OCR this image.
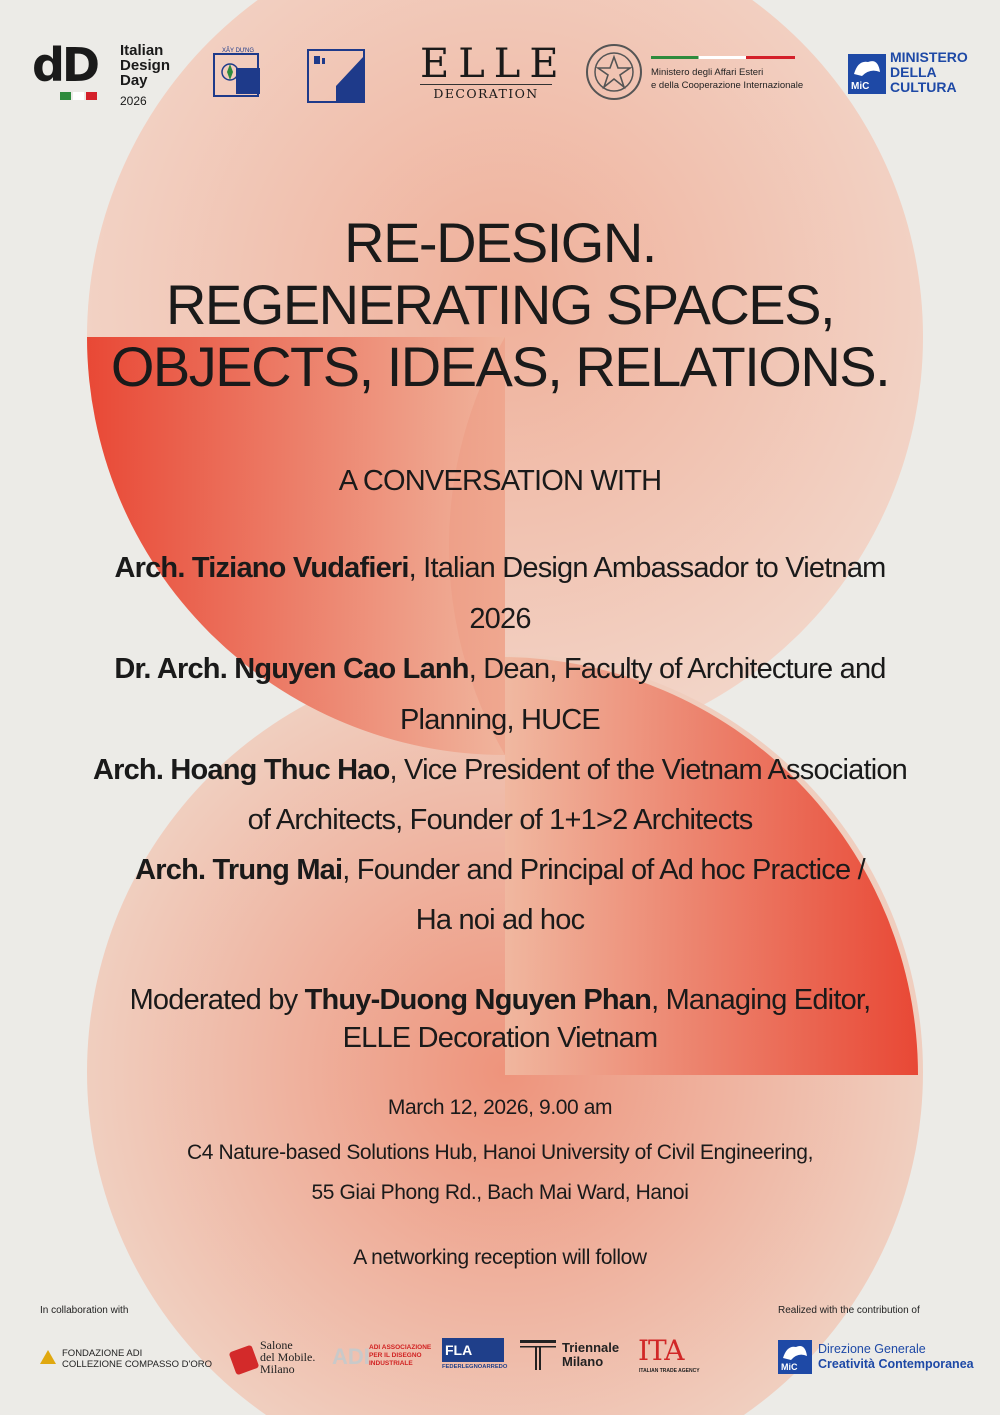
dD Italian
Design
Day
2026
XÂY DỰNG	ELLE
DECORATION
Ministero degli Affari Esteri
e della Cooperazione Internazionale	MiC
MINISTERO
DELLA
CULTURA
RE-DESIGN.
REGENERATING SPACES,
OBJECTS, IDEAS, RELATIONS.
A CONVERSATION WITH
Arch. Tiziano Vudafieri, Italian Design Ambassador to Vietnam
2026
Dr. Arch. Nguyen Cao Lanh, Dean, Faculty of Architecture and
Planning, HUCE
Arch. Hoang Thuc Hao, Vice President of the Vietnam Association
of Architects, Founder of 1+1>2 Architects
Arch. Trung Mai, Founder and Principal of Ad hoc Practice /
Ha noi ad hoc
Moderated by Thuy-Duong Nguyen Phan, Managing Editor,
ELLE Decoration Vietnam
March 12, 2026, 9.00 am
C4 Nature-based Solutions Hub, Hanoi University of Civil Engineering,
55 Giai Phong Rd., Bach Mai Ward, Hanoi
A networking reception will follow
In collaboration with	Realized with the contribution of
FONDAZIONE ADI
COLLEZIONE COMPASSO D'ORO
Salone
del Mobile.
Milano	ADI ADI ASSOCIAZIONE
PER IL DISEGNO
INDUSTRIALE
FLA
FEDERLEGNOARREDO
Triennale
Milano	ITA
ITALIAN TRADE AGENCY	MiC
Direzione Generale
Creatività Contemporanea
